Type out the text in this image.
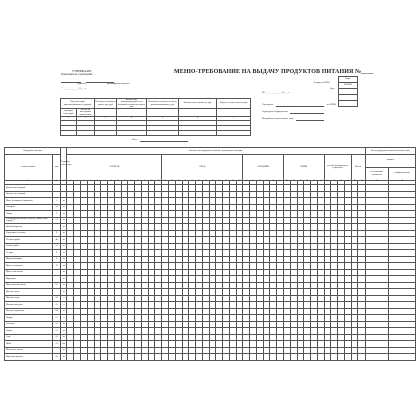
УТВЕРЖДАЮ
Руководитель учреждения
(подпись)	(расшифровка подписи)
"___" __________ 20___ г.
МЕНЮ-ТРЕБОВАНИЕ НА ВЫДАЧУ ПРОДУКТОВ ПИТАНИЯ №____
Коды
0504202

Форма по ОКУД
На "___" __________ 20___ г.
Дата
Учреждение	по ОКПО
Структурное подразделение
Материально ответственное лицо
Код категорий довольствующихся (группа)		Плановая стоимость одного дня, руб.	Количество довольствующихся по плановой стоимости одного дня	Плановая стоимость по всем довольствующимся, руб.	Фактическая стоимость, руб.	Перевес (недостаток) сумма
суммарно категорий	из них по категориям довольствия					
1	2	3	4	5	6	7

Всего
Продукты питания		Единица измерения	Количество продуктов питания, подлежащих закладке																																												Расход продуктов питания (количество)	
наименование	код		ЗАВТРАК														ОБЕД												ПОЛДНИК						УЖИН						для обслуживающего персонала				Итого		выдано	
																																															по плановой стоимости	по фактической
1	2	3	4	5	6	7	8	9	10	11	12	13	14	15	16	17	18	19	20	21	22	23	24	25	26	27	28	29	30	31	32	33	34	35	36	37	38	39	40	41	42	43	44	45	46	47	48	49
Количество порций																																																
Выход - вес порций																																																
Мясо (говядина, баранина)	1	кг																																														
Говядина	10	кг																																														
Птица	7	кг																																														
Субпродукты мясные (печень, почки, язык, сердце)	17	кг																																														
Колбаса вареная		кг																																														
Сардельки, сосиски	6	кг																																														
Хлебная рыба	40	кг																																														
Свежая рыба	55	кг																																														
Сельдь	9	кг																																														
Икра кабачковая	6	кг																																														
Масло сливочное	11	кг																																														
Масло сметанное		кг																																														
Маргарин		кг																																														
Масло растительное	13	кг																																														
Молоко сухое		кг																																														
Молоко сгущ.	18	л																																														
Молоко пастериз.	16	л																																														
Молоко сгущенное	134	кг																																														
Кефир	15	л																																														
Сметана	16	кг																																														
Творог	17	кг																																														
Сыр	18	кг																																														
Яйца	19	шт																																														
Молочные смеси		кг																																														
Мука пшеничная	20	кг																																														
